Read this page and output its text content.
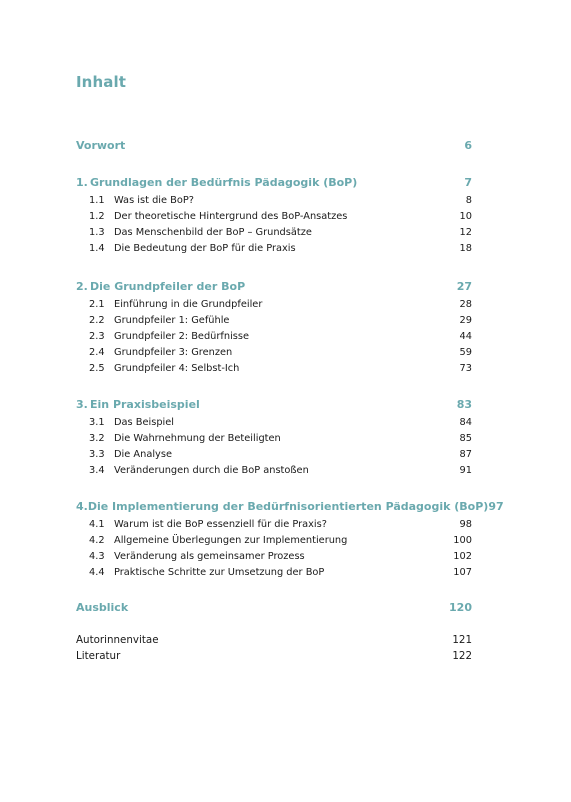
Inhalt
Vorwort	6
1. Grundlagen der Bedürfnis Pädagogik (BoP)	7
1.1 Was ist die BoP?	8
1.2 Der theoretische Hintergrund des BoP-Ansatzes	10
1.3 Das Menschenbild der BoP – Grundsätze	12
1.4 Die Bedeutung der BoP für die Praxis	18
2. Die Grundpfeiler der BoP	27
2.1 Einführung in die Grundpfeiler	28
2.2 Grundpfeiler 1: Gefühle	29
2.3 Grundpfeiler 2: Bedürfnisse	44
2.4 Grundpfeiler 3: Grenzen	59
2.5 Grundpfeiler 4: Selbst-Ich	73
3. Ein Praxisbeispiel	83
3.1 Das Beispiel	84
3.2 Die Wahrnehmung der Beteiligten	85
3.3 Die Analyse	87
3.4 Veränderungen durch die BoP anstoßen	91
4. Die Implementierung der Bedürfnisorientierten Pädagogik (BoP) 97
4.1 Warum ist die BoP essenziell für die Praxis?	98
4.2 Allgemeine Überlegungen zur Implementierung	100
4.3 Veränderung als gemeinsamer Prozess	102
4.4 Praktische Schritte zur Umsetzung der BoP	107
Ausblick	120
Autorinnenvitae	121
Literatur	122
